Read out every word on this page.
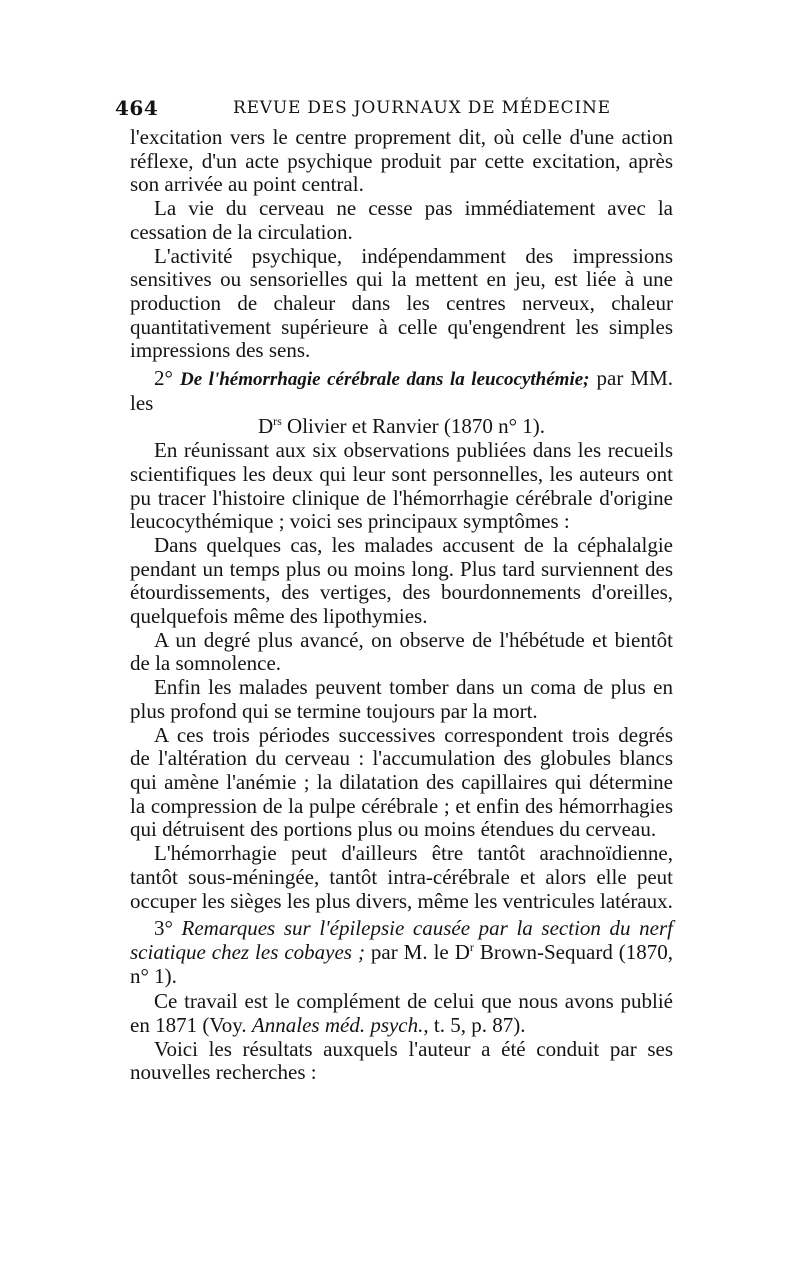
464	REVUE DES JOURNAUX DE MÉDECINE

l'excitation vers le centre proprement dit, où celle d'une action réflexe, d'un acte psychique produit par cette excitation, après son arrivée au point central.

La vie du cerveau ne cesse pas immédiatement avec la cessation de la circulation.

L'activité psychique, indépendamment des impressions sensitives ou sensorielles qui la mettent en jeu, est liée à une production de chaleur dans les centres nerveux, chaleur quantitativement supérieure à celle qu'engendrent les simples impressions des sens.

2° De l'hémorrhagie cérébrale dans la leucocythémie; par MM. les

$D^{rs}$ Olivier et Ranvier (1870 n° 1).

En réunissant aux six observations publiées dans les recueils scientifiques les deux qui leur sont personnelles, les auteurs ont pu tracer l'histoire clinique de l'hémorrhagie cérébrale d'origine leucocythémique ; voici ses principaux symptômes :

Dans quelques cas, les malades accusent de la céphalalgie pendant un temps plus ou moins long. Plus tard surviennent des étourdissements, des vertiges, des bourdonnements d'oreilles, quelquefois même des lipothymies.

A un degré plus avancé, on observe de l'hébétude et bientôt de la somnolence.

Enfin les malades peuvent tomber dans un coma de plus en plus profond qui se termine toujours par la mort.

A ces trois périodes successives correspondent trois degrés de l'altération du cerveau : l'accumulation des globules blancs qui amène l'anémie ; la dilatation des capillaires qui détermine la compression de la pulpe cérébrale ; et enfin des hémorrhagies qui détruisent des portions plus ou moins étendues du cerveau.

L'hémorrhagie peut d'ailleurs être tantôt arachnoïdienne, tantôt sous-méningée, tantôt intra-cérébrale et alors elle peut occuper les sièges les plus divers, même les ventricules latéraux.

3° Remarques sur l'épilepsie causée par la section du nerf sciatique chez les cobayes ; par M. le $D^r$ Brown-Sequard (1870, n° 1).

Ce travail est le complément de celui que nous avons publié en 1871 (Voy. Annales méd. psych., t. 5, p. 87).

Voici les résultats auxquels l'auteur a été conduit par ses nouvelles recherches :
